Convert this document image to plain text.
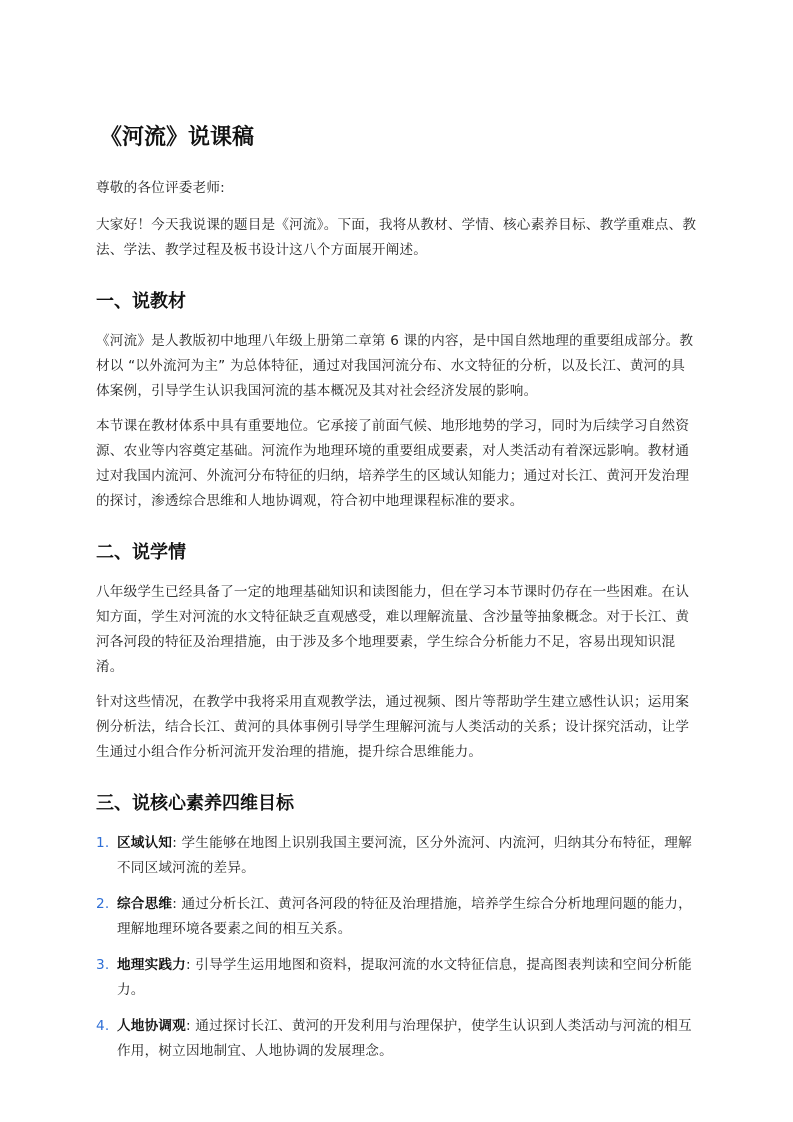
《河流》说课稿

尊敬的各位评委老师:

大家好！今天我说课的题目是《河流》。下面，我将从教材、学情、核心素养目标、教学重难点、教法、学法、教学过程及板书设计这八个方面展开阐述。

一、说教材

《河流》是人教版初中地理八年级上册第二章第 6 课的内容，是中国自然地理的重要组成部分。教材以 “以外流河为主” 为总体特征，通过对我国河流分布、水文特征的分析，以及长江、黄河的具体案例，引导学生认识我国河流的基本概况及其对社会经济发展的影响。

本节课在教材体系中具有重要地位。它承接了前面气候、地形地势的学习，同时为后续学习自然资源、农业等内容奠定基础。河流作为地理环境的重要组成要素，对人类活动有着深远影响。教材通过对我国内流河、外流河分布特征的归纳，培养学生的区域认知能力；通过对长江、黄河开发治理的探讨，渗透综合思维和人地协调观，符合初中地理课程标准的要求。

二、说学情

八年级学生已经具备了一定的地理基础知识和读图能力，但在学习本节课时仍存在一些困难。在认知方面，学生对河流的水文特征缺乏直观感受，难以理解流量、含沙量等抽象概念。对于长江、黄河各河段的特征及治理措施，由于涉及多个地理要素，学生综合分析能力不足，容易出现知识混淆。

针对这些情况，在教学中我将采用直观教学法，通过视频、图片等帮助学生建立感性认识；运用案例分析法，结合长江、黄河的具体事例引导学生理解河流与人类活动的关系；设计探究活动，让学生通过小组合作分析河流开发治理的措施，提升综合思维能力。

三、说核心素养四维目标
1. 区域认知: 学生能够在地图上识别我国主要河流，区分外流河、内流河，归纳其分布特征，理解不同区域河流的差异。
2. 综合思维: 通过分析长江、黄河各河段的特征及治理措施，培养学生综合分析地理问题的能力，理解地理环境各要素之间的相互关系。
3. 地理实践力: 引导学生运用地图和资料，提取河流的水文特征信息，提高图表判读和空间分析能力。
4. 人地协调观: 通过探讨长江、黄河的开发利用与治理保护，使学生认识到人类活动与河流的相互作用，树立因地制宜、人地协调的发展理念。
